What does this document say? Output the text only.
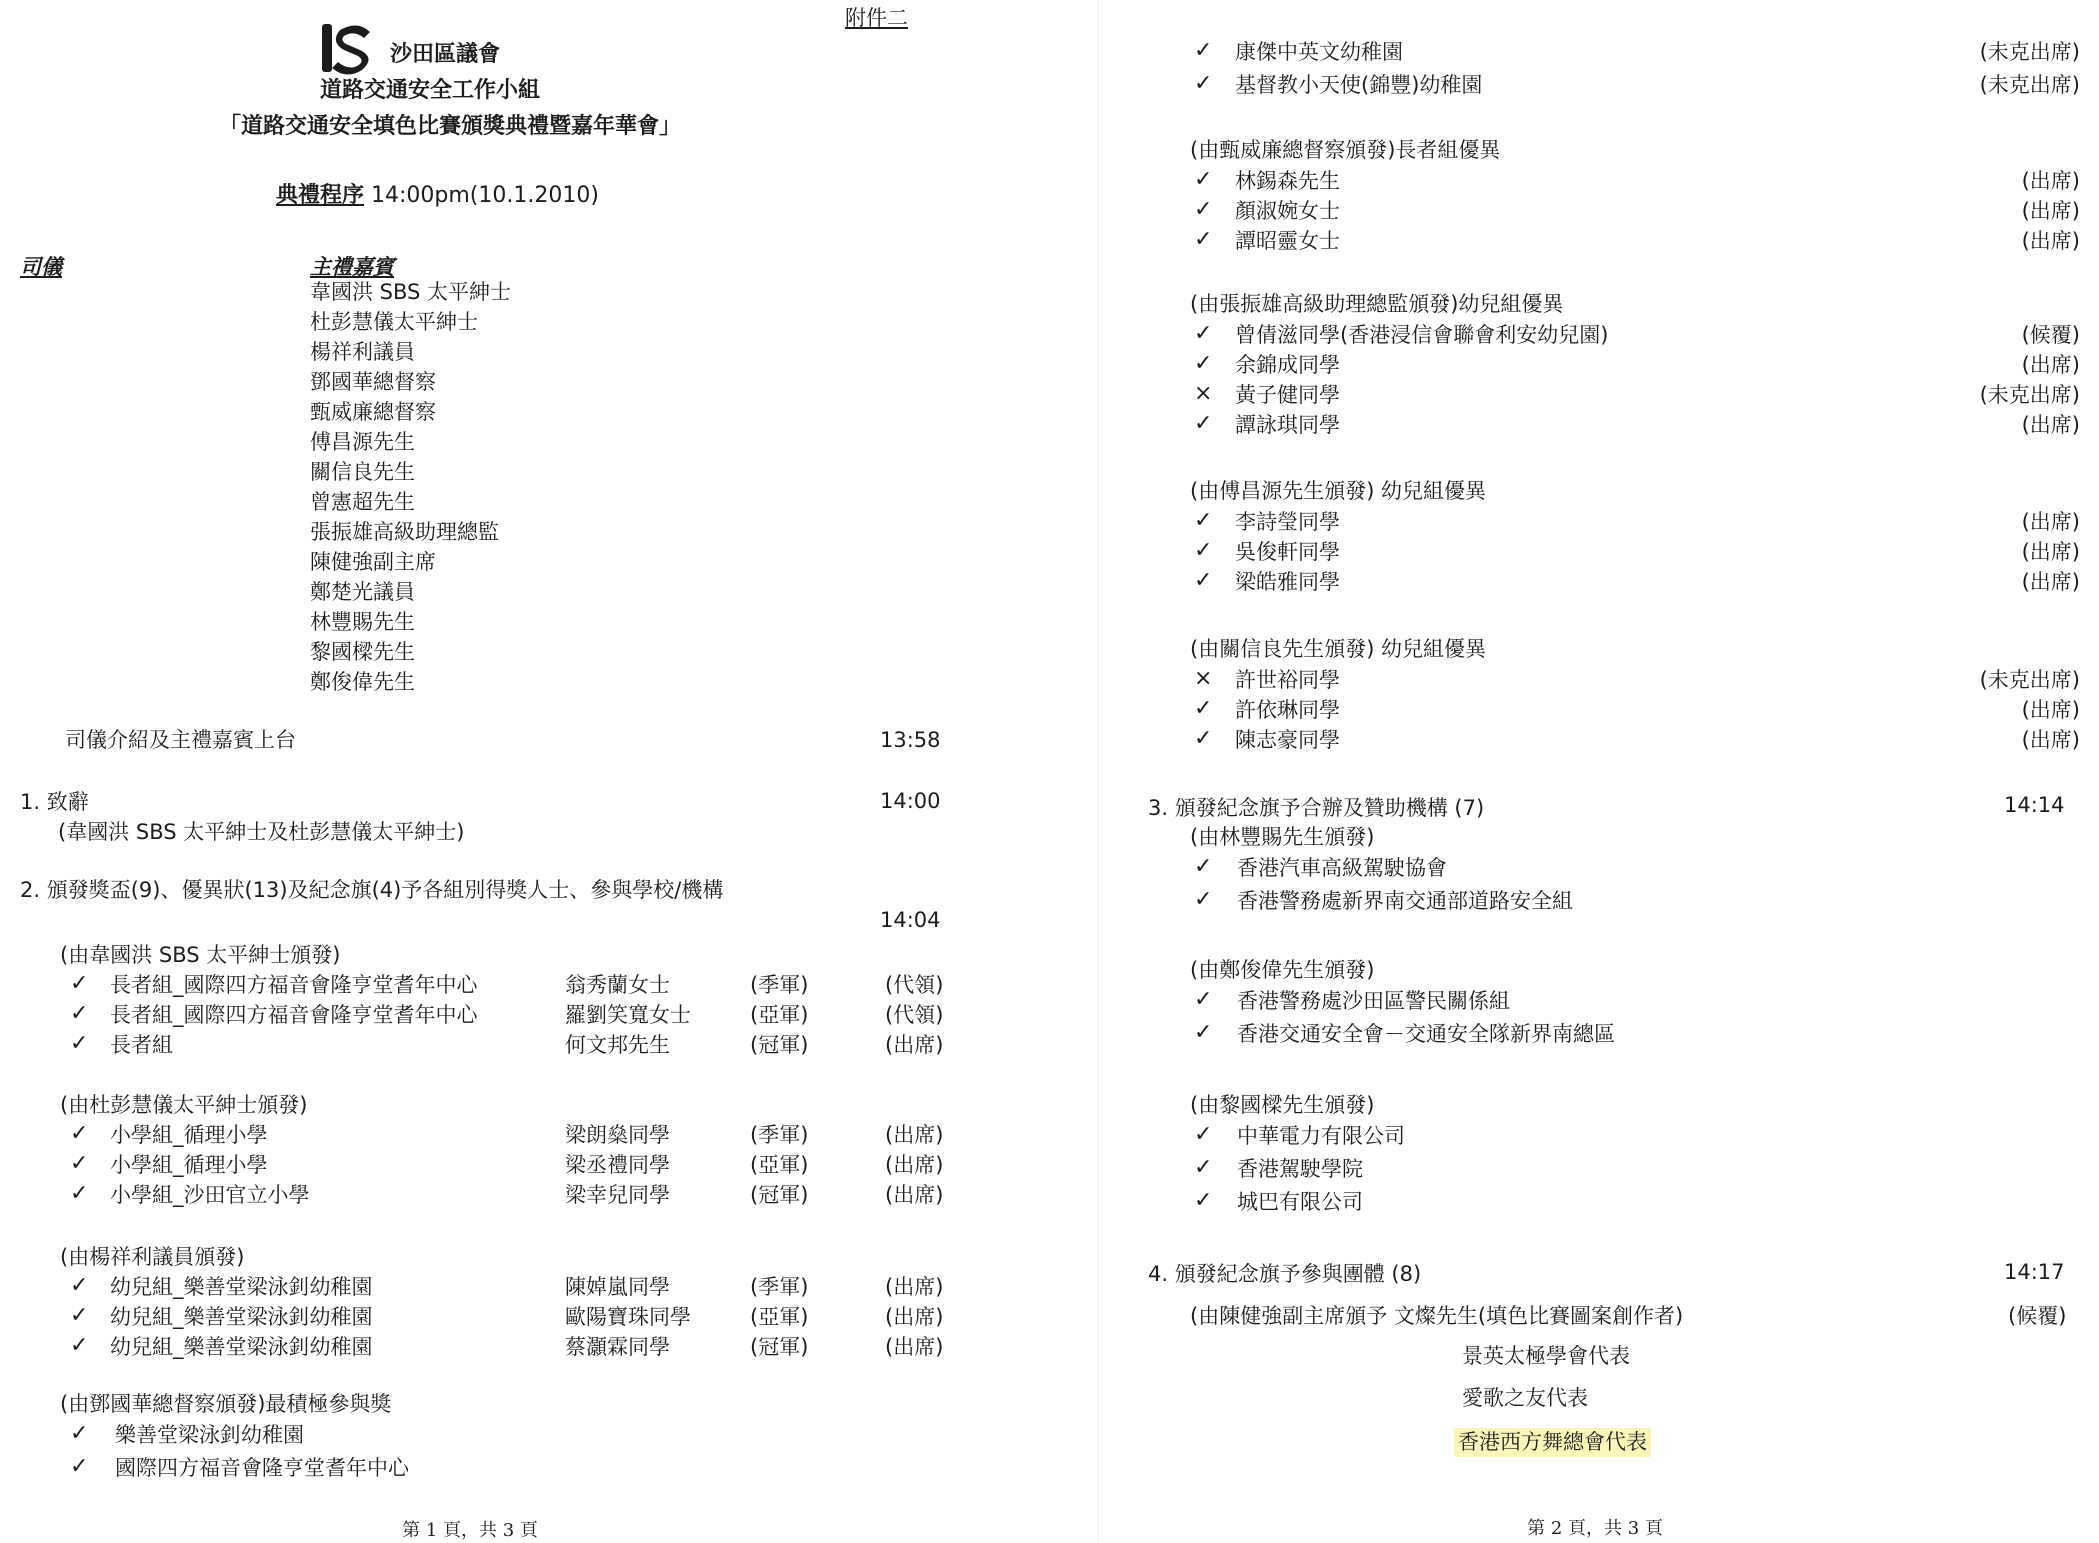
附件二
沙田區議會
道路交通安全工作小組
「道路交通安全填色比賽頒獎典禮暨嘉年華會」
典禮程序 14:00pm(10.1.2010)
司儀	主禮嘉賓
韋國洪 SBS 太平紳士
杜彭慧儀太平紳士
楊祥利議員
鄧國華總督察
甄威廉總督察
傅昌源先生
關信良先生
曾憲超先生
張振雄高級助理總監
陳健強副主席
鄭楚光議員
林豐賜先生
黎國樑先生
鄭俊偉先生
司儀介紹及主禮嘉賓上台	13:58
1. 致辭	14:00
(韋國洪 SBS 太平紳士及杜彭慧儀太平紳士)
2. 頒發獎盃(9)、優異狀(13)及紀念旗(4)予各組別得獎人士、參與學校/機構
14:04
(由韋國洪 SBS 太平紳士頒發)
✓ 長者組_國際四方福音會隆亨堂耆年中心	翁秀蘭女士	(季軍)	(代領)
✓ 長者組_國際四方福音會隆亨堂耆年中心	羅劉笑寬女士	(亞軍)	(代領)
✓ 長者組	何文邦先生	(冠軍)	(出席)
(由杜彭慧儀太平紳士頒發)
✓ 小學組_循理小學	梁朗燊同學	(季軍)	(出席)
✓ 小學組_循理小學	梁丞禮同學	(亞軍)	(出席)
✓ 小學組_沙田官立小學	梁幸兒同學	(冠軍)	(出席)
(由楊祥利議員頒發)
✓ 幼兒組_樂善堂梁泳釗幼稚園	陳婥嵐同學	(季軍)	(出席)
✓ 幼兒組_樂善堂梁泳釗幼稚園	歐陽寶珠同學	(亞軍)	(出席)
✓ 幼兒組_樂善堂梁泳釗幼稚園	蔡灝霖同學	(冠軍)	(出席)
(由鄧國華總督察頒發)最積極參與獎
✓ 樂善堂梁泳釗幼稚園
✓ 國際四方福音會隆亨堂耆年中心
第 1 頁，共 3 頁
✓ 康傑中英文幼稚園	(未克出席)
✓ 基督教小天使(錦豐)幼稚園	(未克出席)
(由甄威廉總督察頒發)長者組優異
✓ 林錫森先生	(出席)
✓ 顏淑婉女士	(出席)
✓ 譚昭靈女士	(出席)
(由張振雄高級助理總監頒發)幼兒組優異
✓ 曾倩滋同學(香港浸信會聯會利安幼兒園)	(候覆)
✓ 余錦成同學	(出席)
× 黃子健同學	(未克出席)
✓ 譚詠琪同學	(出席)
(由傅昌源先生頒發) 幼兒組優異
✓ 李詩瑩同學	(出席)
✓ 吳俊軒同學	(出席)
✓ 梁皓雅同學	(出席)
(由關信良先生頒發) 幼兒組優異
× 許世裕同學	(未克出席)
✓ 許依琳同學	(出席)
✓ 陳志豪同學	(出席)
3. 頒發紀念旗予合辦及贊助機構 (7)	14:14
(由林豐賜先生頒發)
✓ 香港汽車高級駕駛協會
✓ 香港警務處新界南交通部道路安全組
(由鄭俊偉先生頒發)
✓ 香港警務處沙田區警民關係組
✓ 香港交通安全會－交通安全隊新界南總區
(由黎國樑先生頒發)
✓ 中華電力有限公司
✓ 香港駕駛學院
✓ 城巴有限公司
4. 頒發紀念旗予參與團體 (8)	14:17
(由陳健強副主席頒予 文燦先生(填色比賽圖案創作者)	(候覆)
景英太極學會代表
愛歌之友代表
香港西方舞總會代表
第 2 頁，共 3 頁
